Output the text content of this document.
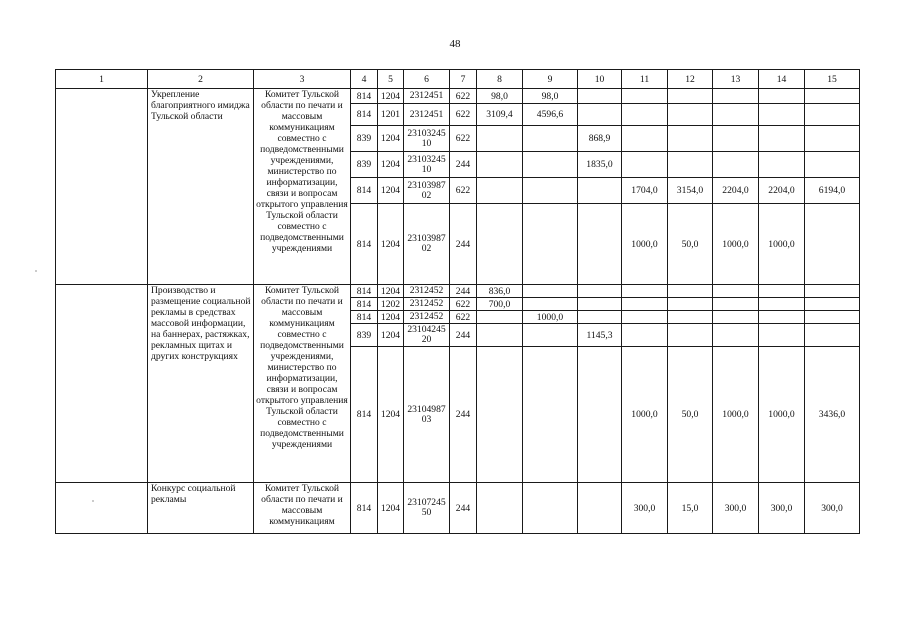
48
1	2	3	4	5	6	7	8	9	10	11	12	13	14	15
	Укрепление благоприятного имиджа Тульской области	Комитет Тульской области по печати и массовым коммуникациям совместно с подведомственными учреждениями, министерство по информатизации, связи и вопросам открытого управления Тульской области совместно с подведомственными учреждениями	814	1204	2312451	622	98,0	98,0						
			814	1201	2312451	622	3109,4	4596,6						
			839	1204	23103245 10	622			868,9					
			839	1204	23103245 10	244			1835,0					
			814	1204	23103987 02	622				1704,0	3154,0	2204,0	2204,0	6194,0
			814	1204	23103987 02	244				1000,0	50,0	1000,0	1000,0	
	Производство и размещение социальной рекламы в средствах массовой информации, на баннерах, растяжках, рекламных щитах и других конструкциях	Комитет Тульской области по печати и массовым коммуникациям совместно с подведомственными учреждениями, министерство по информатизации, связи и вопросам открытого управления Тульской области совместно с подведомственными учреждениями	814	1204	2312452	244	836,0							
			814	1202	2312452	622	700,0							
			814	1204	2312452	622		1000,0						
			839	1204	23104245 20	244			1145,3					
			814	1204	23104987 03	244				1000,0	50,0	1000,0	1000,0	3436,0
	Конкурс социальной рекламы	Комитет Тульской области по печати и массовым коммуникациям	814	1204	23107245 50	244				300,0	15,0	300,0	300,0	300,0
